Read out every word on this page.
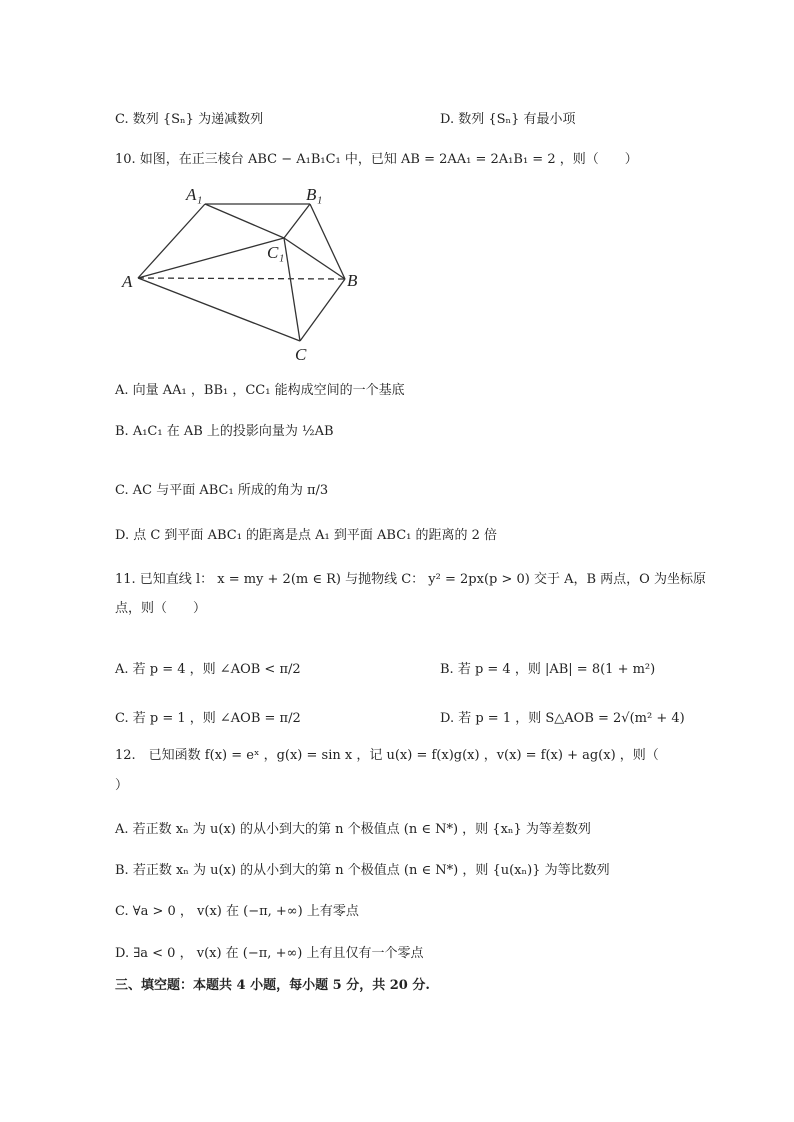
C. 数列 {Sₙ} 为递减数列	D. 数列 {Sₙ} 有最小项
10. 如图，在正三棱台 ABC − A₁B₁C₁ 中，已知 AB = 2AA₁ = 2A₁B₁ = 2 ，则（　　）
A₁	B₁
C₁
A	B
C
A. 向量 AA₁ ，BB₁ ，CC₁ 能构成空间的一个基底
B. A₁C₁ 在 AB 上的投影向量为 ½AB
C. AC 与平面 ABC₁ 所成的角为 π/3
D. 点 C 到平面 ABC₁ 的距离是点 A₁ 到平面 ABC₁ 的距离的 2 倍
11. 已知直线 l： x = my + 2(m ∈ R) 与抛物线 C： y² = 2px(p > 0) 交于 A，B 两点，O 为坐标原
点，则（　　）
A. 若 p = 4 ，则 ∠AOB < π/2	B. 若 p = 4 ，则 |AB| = 8(1 + m²)
C. 若 p = 1 ，则 ∠AOB = π/2	D. 若 p = 1 ，则 S△AOB = 2√(m² + 4)
12.　已知函数 f(x) = eˣ ，g(x) = sin x ，记 u(x) = f(x)g(x) ，v(x) = f(x) + ag(x) ，则（
）
A. 若正数 xₙ 为 u(x) 的从小到大的第 n 个极值点 (n ∈ N*) ，则 {xₙ} 为等差数列
B. 若正数 xₙ 为 u(x) 的从小到大的第 n 个极值点 (n ∈ N*) ，则 {u(xₙ)} 为等比数列
C. ∀a > 0 ， v(x) 在 (−π, +∞) 上有零点
D. ∃a < 0 ， v(x) 在 (−π, +∞) 上有且仅有一个零点
三、填空题：本题共 4 小题，每小题 5 分，共 20 分.
